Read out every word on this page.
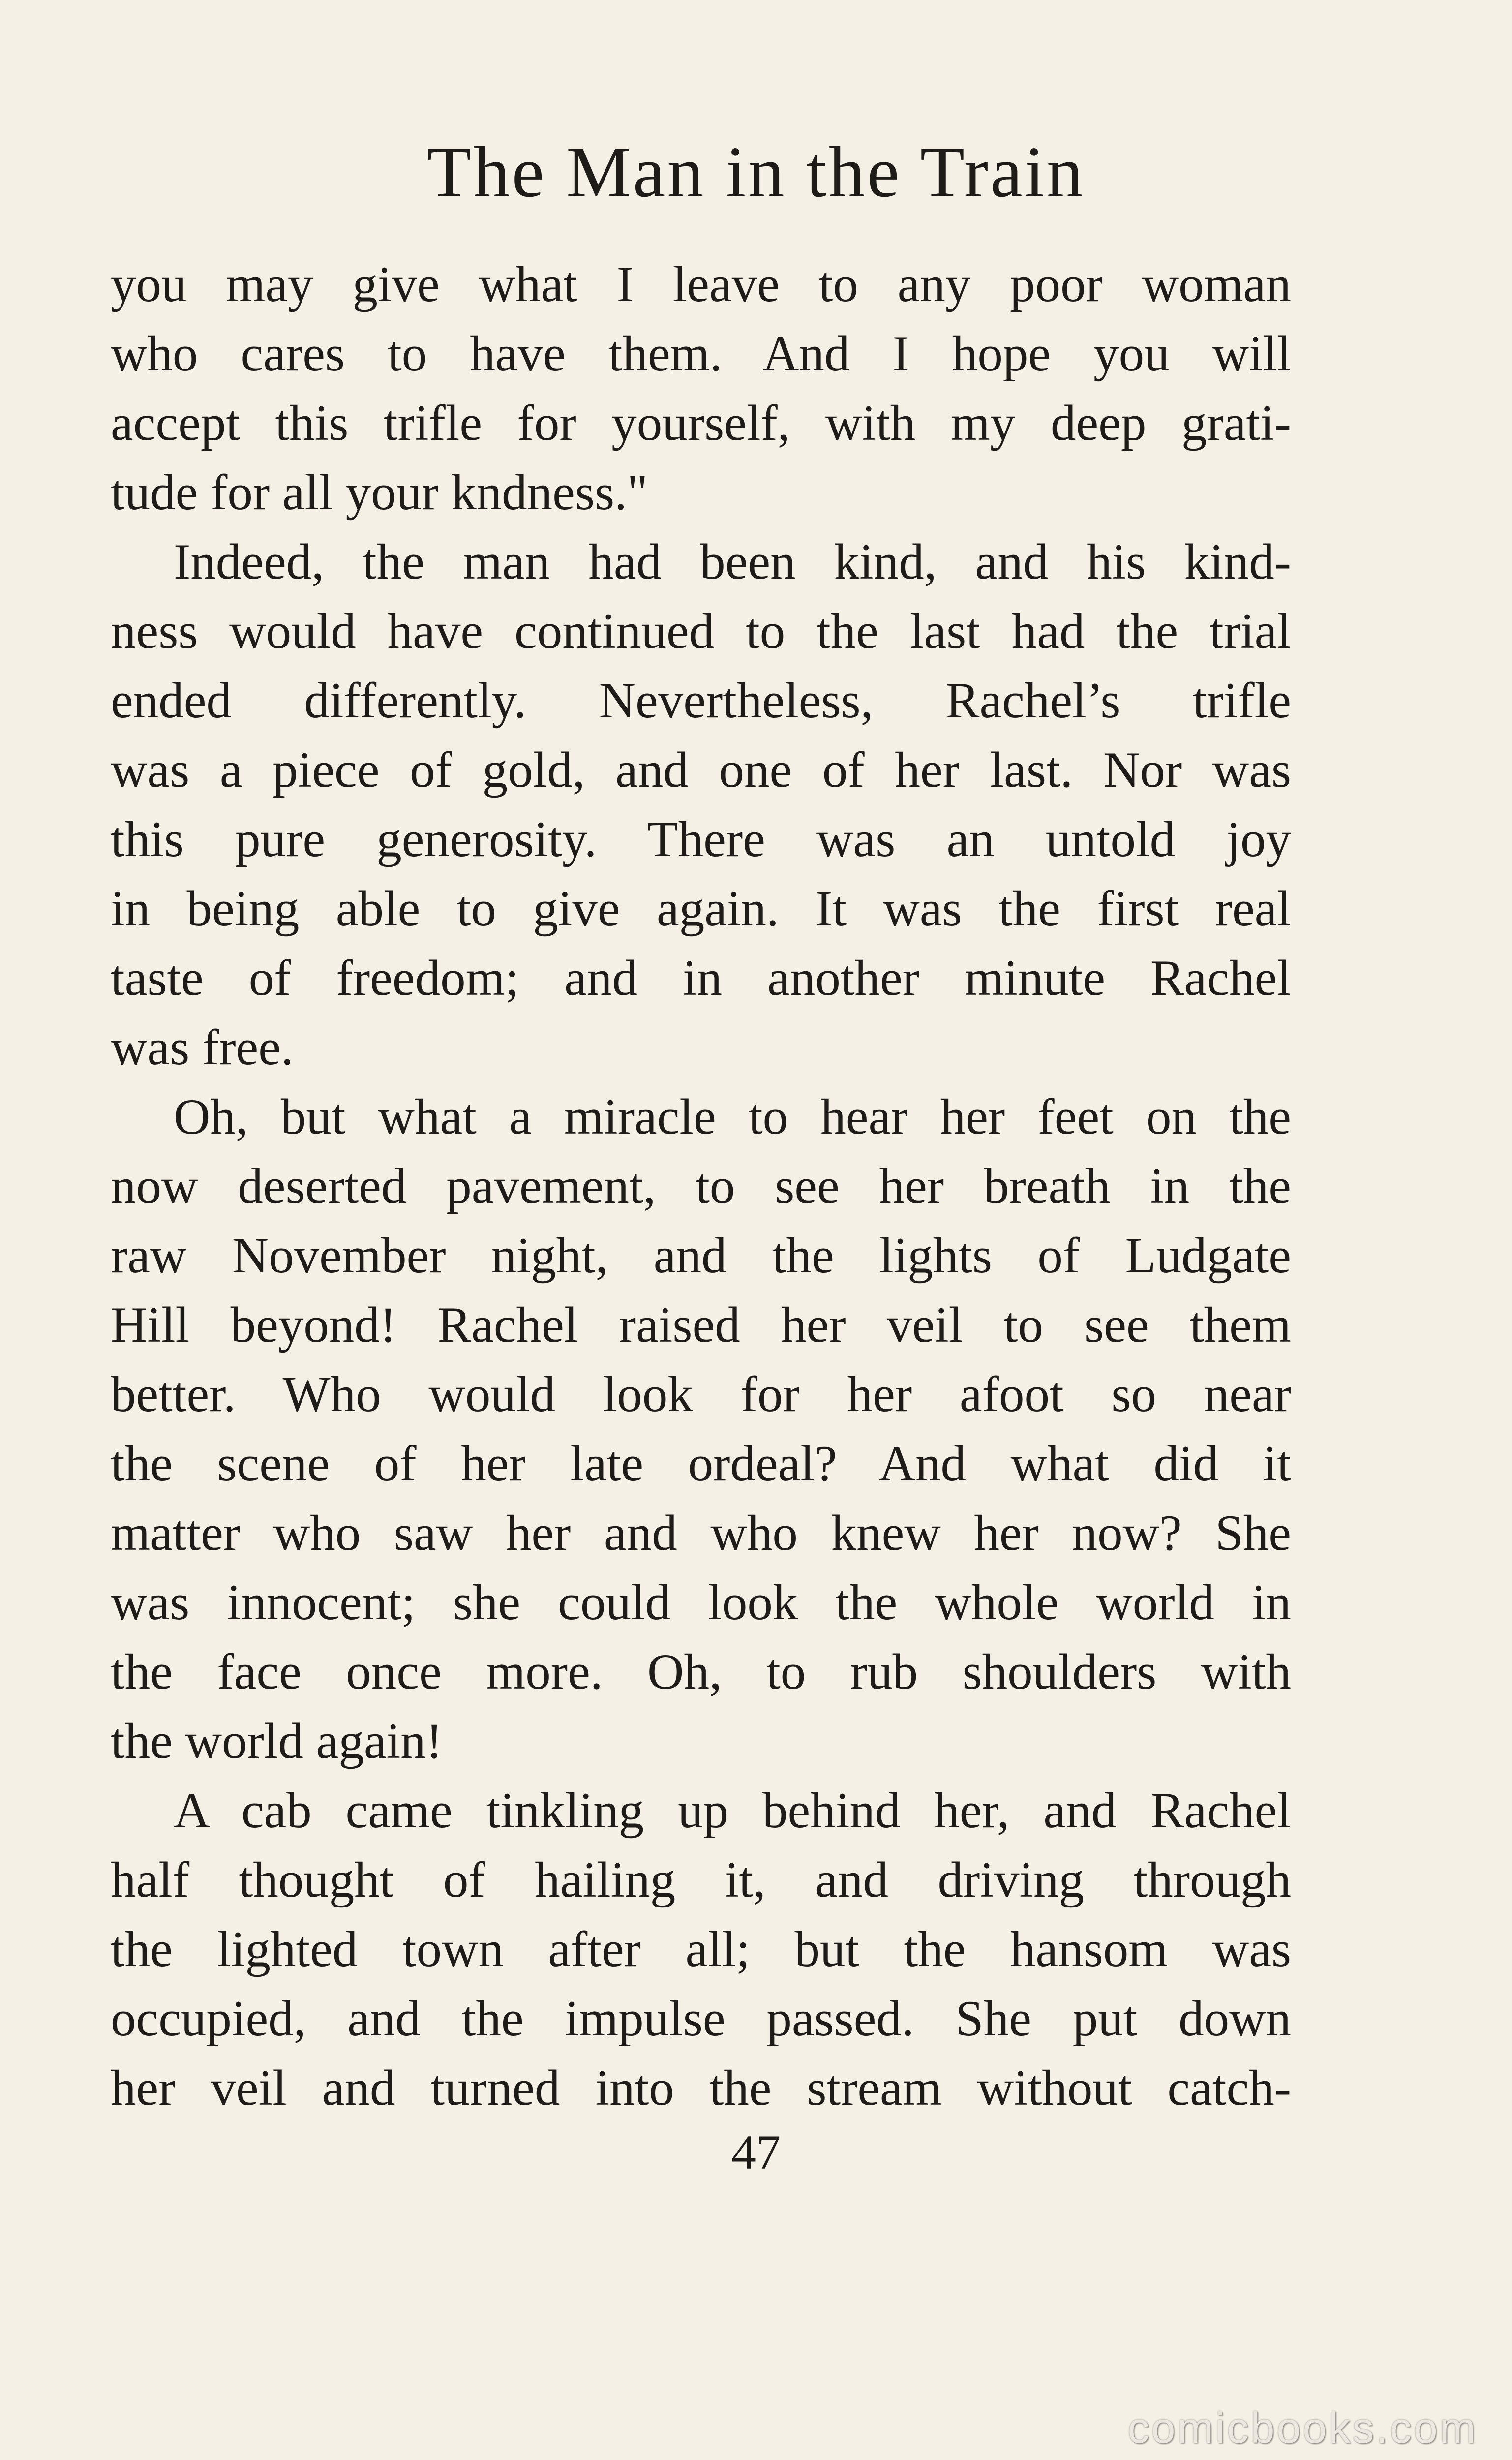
The Man in the Train
you may give what I leave to any poor woman
who cares to have them. And I hope you will
accept this trifle for yourself, with my deep grati-
tude for all your kndness."
Indeed, the man had been kind, and his kind-
ness would have continued to the last had the trial
ended differently. Nevertheless, Rachel’s trifle
was a piece of gold, and one of her last. Nor was
this pure generosity. There was an untold joy
in being able to give again. It was the first real
taste of freedom; and in another minute Rachel
was free.
Oh, but what a miracle to hear her feet on the
now deserted pavement, to see her breath in the
raw November night, and the lights of Ludgate
Hill beyond! Rachel raised her veil to see them
better. Who would look for her afoot so near
the scene of her late ordeal? And what did it
matter who saw her and who knew her now? She
was innocent; she could look the whole world in
the face once more. Oh, to rub shoulders with
the world again!
A cab came tinkling up behind her, and Rachel
half thought of hailing it, and driving through
the lighted town after all; but the hansom was
occupied, and the impulse passed. She put down
her veil and turned into the stream without catch-
47
comicbooks.com
